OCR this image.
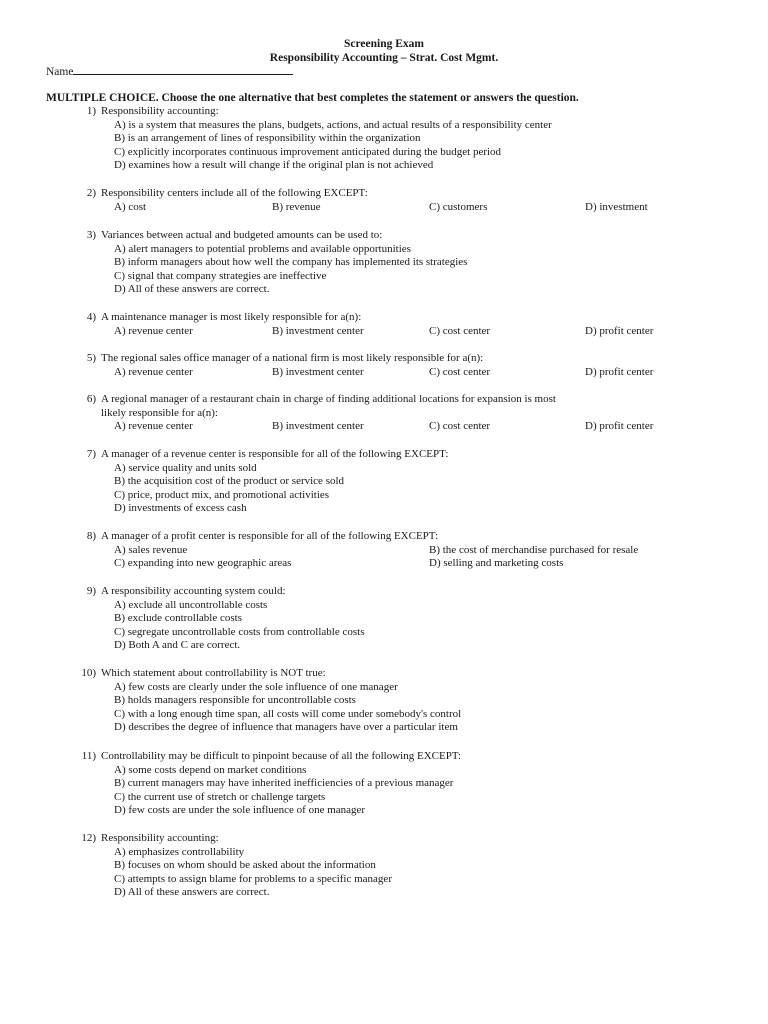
Screening Exam
Responsibility Accounting – Strat. Cost Mgmt.
Name
MULTIPLE CHOICE. Choose the one alternative that best completes the statement or answers the question.
1) Responsibility accounting:
A) is a system that measures the plans, budgets, actions, and actual results of a responsibility center
B) is an arrangement of lines of responsibility within the organization
C) explicitly incorporates continuous improvement anticipated during the budget period
D) examines how a result will change if the original plan is not achieved
2) Responsibility centers include all of the following EXCEPT:
A) cost	B) revenue	C) customers	D) investment
3) Variances between actual and budgeted amounts can be used to:
A) alert managers to potential problems and available opportunities
B) inform managers about how well the company has implemented its strategies
C) signal that company strategies are ineffective
D) All of these answers are correct.
4) A maintenance manager is most likely responsible for a(n):
A) revenue center	B) investment center	C) cost center	D) profit center
5) The regional sales office manager of a national firm is most likely responsible for a(n):
A) revenue center	B) investment center	C) cost center	D) profit center
6) A regional manager of a restaurant chain in charge of finding additional locations for expansion is most
likely responsible for a(n):
A) revenue center	B) investment center	C) cost center	D) profit center
7) A manager of a revenue center is responsible for all of the following EXCEPT:
A) service quality and units sold
B) the acquisition cost of the product or service sold
C) price, product mix, and promotional activities
D) investments of excess cash
8) A manager of a profit center is responsible for all of the following EXCEPT:
A) sales revenue	B) the cost of merchandise purchased for resale
C) expanding into new geographic areas	D) selling and marketing costs
9) A responsibility accounting system could:
A) exclude all uncontrollable costs
B) exclude controllable costs
C) segregate uncontrollable costs from controllable costs
D) Both A and C are correct.
10) Which statement about controllability is NOT true:
A) few costs are clearly under the sole influence of one manager
B) holds managers responsible for uncontrollable costs
C) with a long enough time span, all costs will come under somebody's control
D) describes the degree of influence that managers have over a particular item
11) Controllability may be difficult to pinpoint because of all the following EXCEPT:
A) some costs depend on market conditions
B) current managers may have inherited inefficiencies of a previous manager
C) the current use of stretch or challenge targets
D) few costs are under the sole influence of one manager
12) Responsibility accounting:
A) emphasizes controllability
B) focuses on whom should be asked about the information
C) attempts to assign blame for problems to a specific manager
D) All of these answers are correct.
